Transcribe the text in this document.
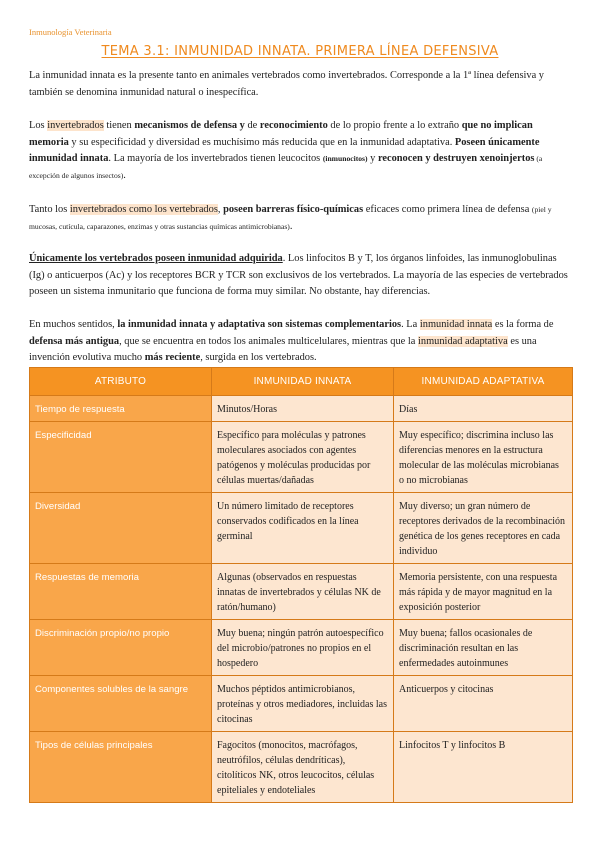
Inmunología Veterinaria
TEMA 3.1: INMUNIDAD INNATA. PRIMERA LÍNEA DEFENSIVA
La inmunidad innata es la presente tanto en animales vertebrados como invertebrados. Corresponde a la 1ª línea defensiva y también se denomina inmunidad natural o inespecífica.
Los invertebrados tienen mecanismos de defensa y de reconocimiento de lo propio frente a lo extraño que no implican memoria y su especificidad y diversidad es muchísimo más reducida que en la inmunidad adaptativa. Poseen únicamente inmunidad innata. La mayoría de los invertebrados tienen leucocitos (inmunocitos) y reconocen y destruyen xenoinjertos (a excepción de algunos insectos).
Tanto los invertebrados como los vertebrados, poseen barreras físico-químicas eficaces como primera línea de defensa (piel y mucosas, cutícula, caparazones, enzimas y otras sustancias químicas antimicrobianas).
Únicamente los vertebrados poseen inmunidad adquirida. Los linfocitos B y T, los órganos linfoides, las inmunoglobulinas (Ig) o anticuerpos (Ac) y los receptores BCR y TCR son exclusivos de los vertebrados. La mayoría de las especies de vertebrados poseen un sistema inmunitario que funciona de forma muy similar. No obstante, hay diferencias.
En muchos sentidos, la inmunidad innata y adaptativa son sistemas complementarios. La inmunidad innata es la forma de defensa más antigua, que se encuentra en todos los animales multicelulares, mientras que la inmunidad adaptativa es una invención evolutiva mucho más reciente, surgida en los vertebrados.
ATRIBUTO	INMUNIDAD INNATA	INMUNIDAD ADAPTATIVA
Tiempo de respuesta	Minutos/Horas	Días
Especificidad	Específico para moléculas y patrones moleculares asociados con agentes patógenos y moléculas producidas por células muertas/dañadas	Muy específico; discrimina incluso las diferencias menores en la estructura molecular de las moléculas microbianas o no microbianas
Diversidad	Un número limitado de receptores conservados codificados en la línea germinal	Muy diverso; un gran número de receptores derivados de la recombinación genética de los genes receptores en cada individuo
Respuestas de memoria	Algunas (observados en respuestas innatas de invertebrados y células NK de ratón/humano)	Memoria persistente, con una respuesta más rápida y de mayor magnitud en la exposición posterior
Discriminación propio/no propio	Muy buena; ningún patrón autoespecífico del microbio/patrones no propios en el hospedero	Muy buena; fallos ocasionales de discriminación resultan en las enfermedades autoinmunes
Componentes solubles de la sangre	Muchos péptidos antimicrobianos, proteínas y otros mediadores, incluidas las citocinas	Anticuerpos y citocinas
Tipos de células principales	Fagocitos (monocitos, macrófagos, neutrófilos, células dendríticas), citolíticos NK, otros leucocitos, células epiteliales y endoteliales	Linfocitos T y linfocitos B
